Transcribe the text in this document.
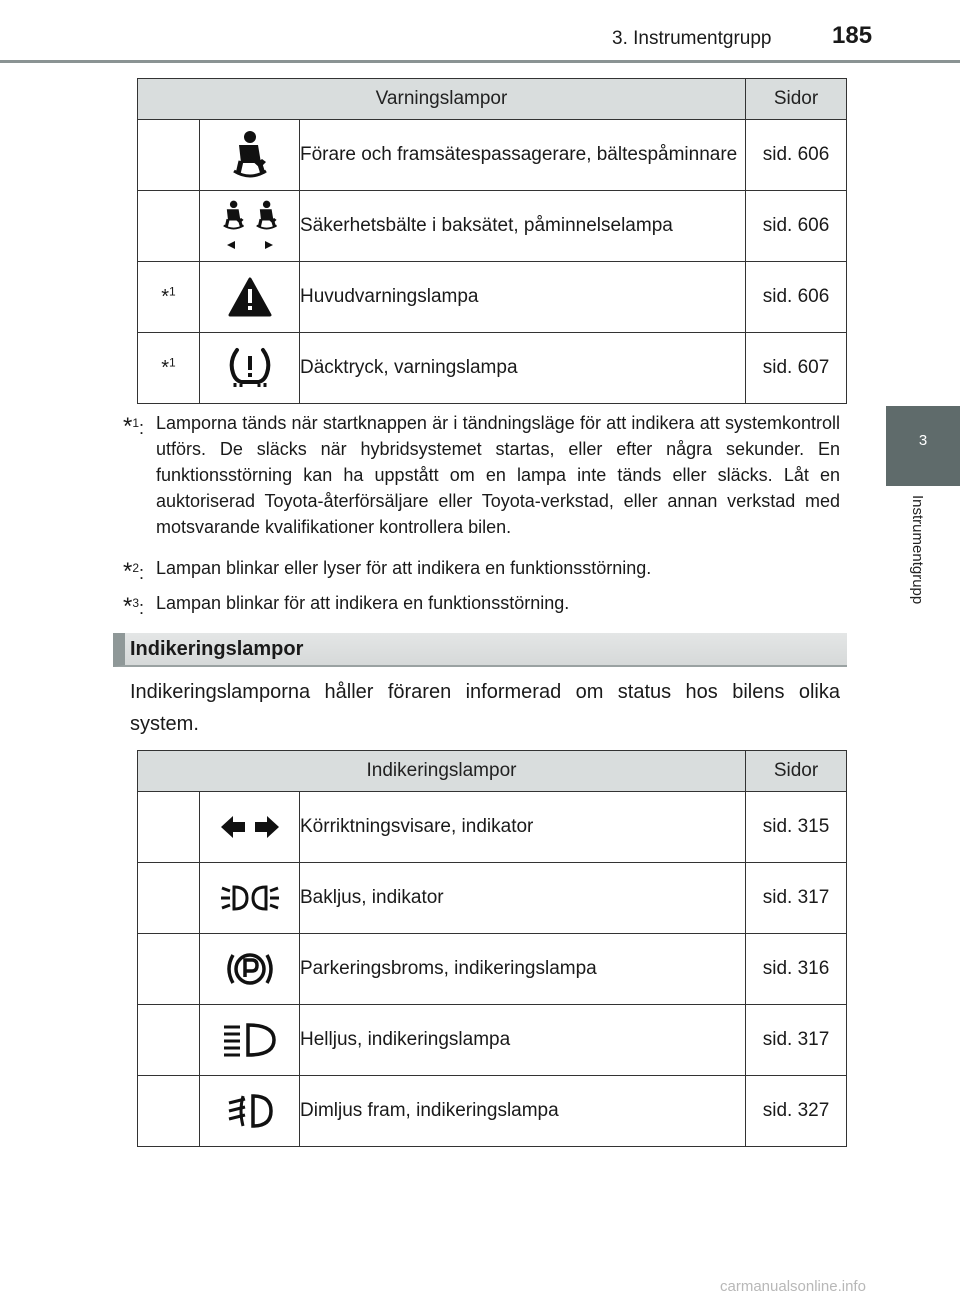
3. Instrumentgrupp	185
3
Instrumentgrupp
Varningslampor			Sidor
		Förare och framsätespassagerare, bältespåminnare	sid. 606
		Säkerhetsbälte i baksätet, påminnelselampa	sid. 606
*$^1$		Huvudvarningslampa	sid. 606
*$^1$		Däcktryck, varningslampa	sid. 607
*$^1$: Lamporna tänds när startknappen är i tändningsläge för att indikera att systemkontroll utförs. De släcks när hybridsystemet startas, eller efter några sekunder. En funktionsstörning kan ha uppstått om en lampa inte tänds eller släcks. Låt en auktoriserad Toyota-återförsäljare eller Toyota-verkstad, eller annan verkstad med motsvarande kvalifikationer kontrollera bilen.
*$^2$: Lampan blinkar eller lyser för att indikera en funktionsstörning.
*$^3$: Lampan blinkar för att indikera en funktionsstörning.
Indikeringslampor
Indikeringslamporna håller föraren informerad om status hos bilens olika system.
Indikeringslampor			Sidor
		Körriktningsvisare, indikator	sid. 315
		Bakljus, indikator	sid. 317
		Parkeringsbroms, indikeringslampa	sid. 316
		Helljus, indikeringslampa	sid. 317
		Dimljus fram, indikeringslampa	sid. 327
carmanualsonline.info
